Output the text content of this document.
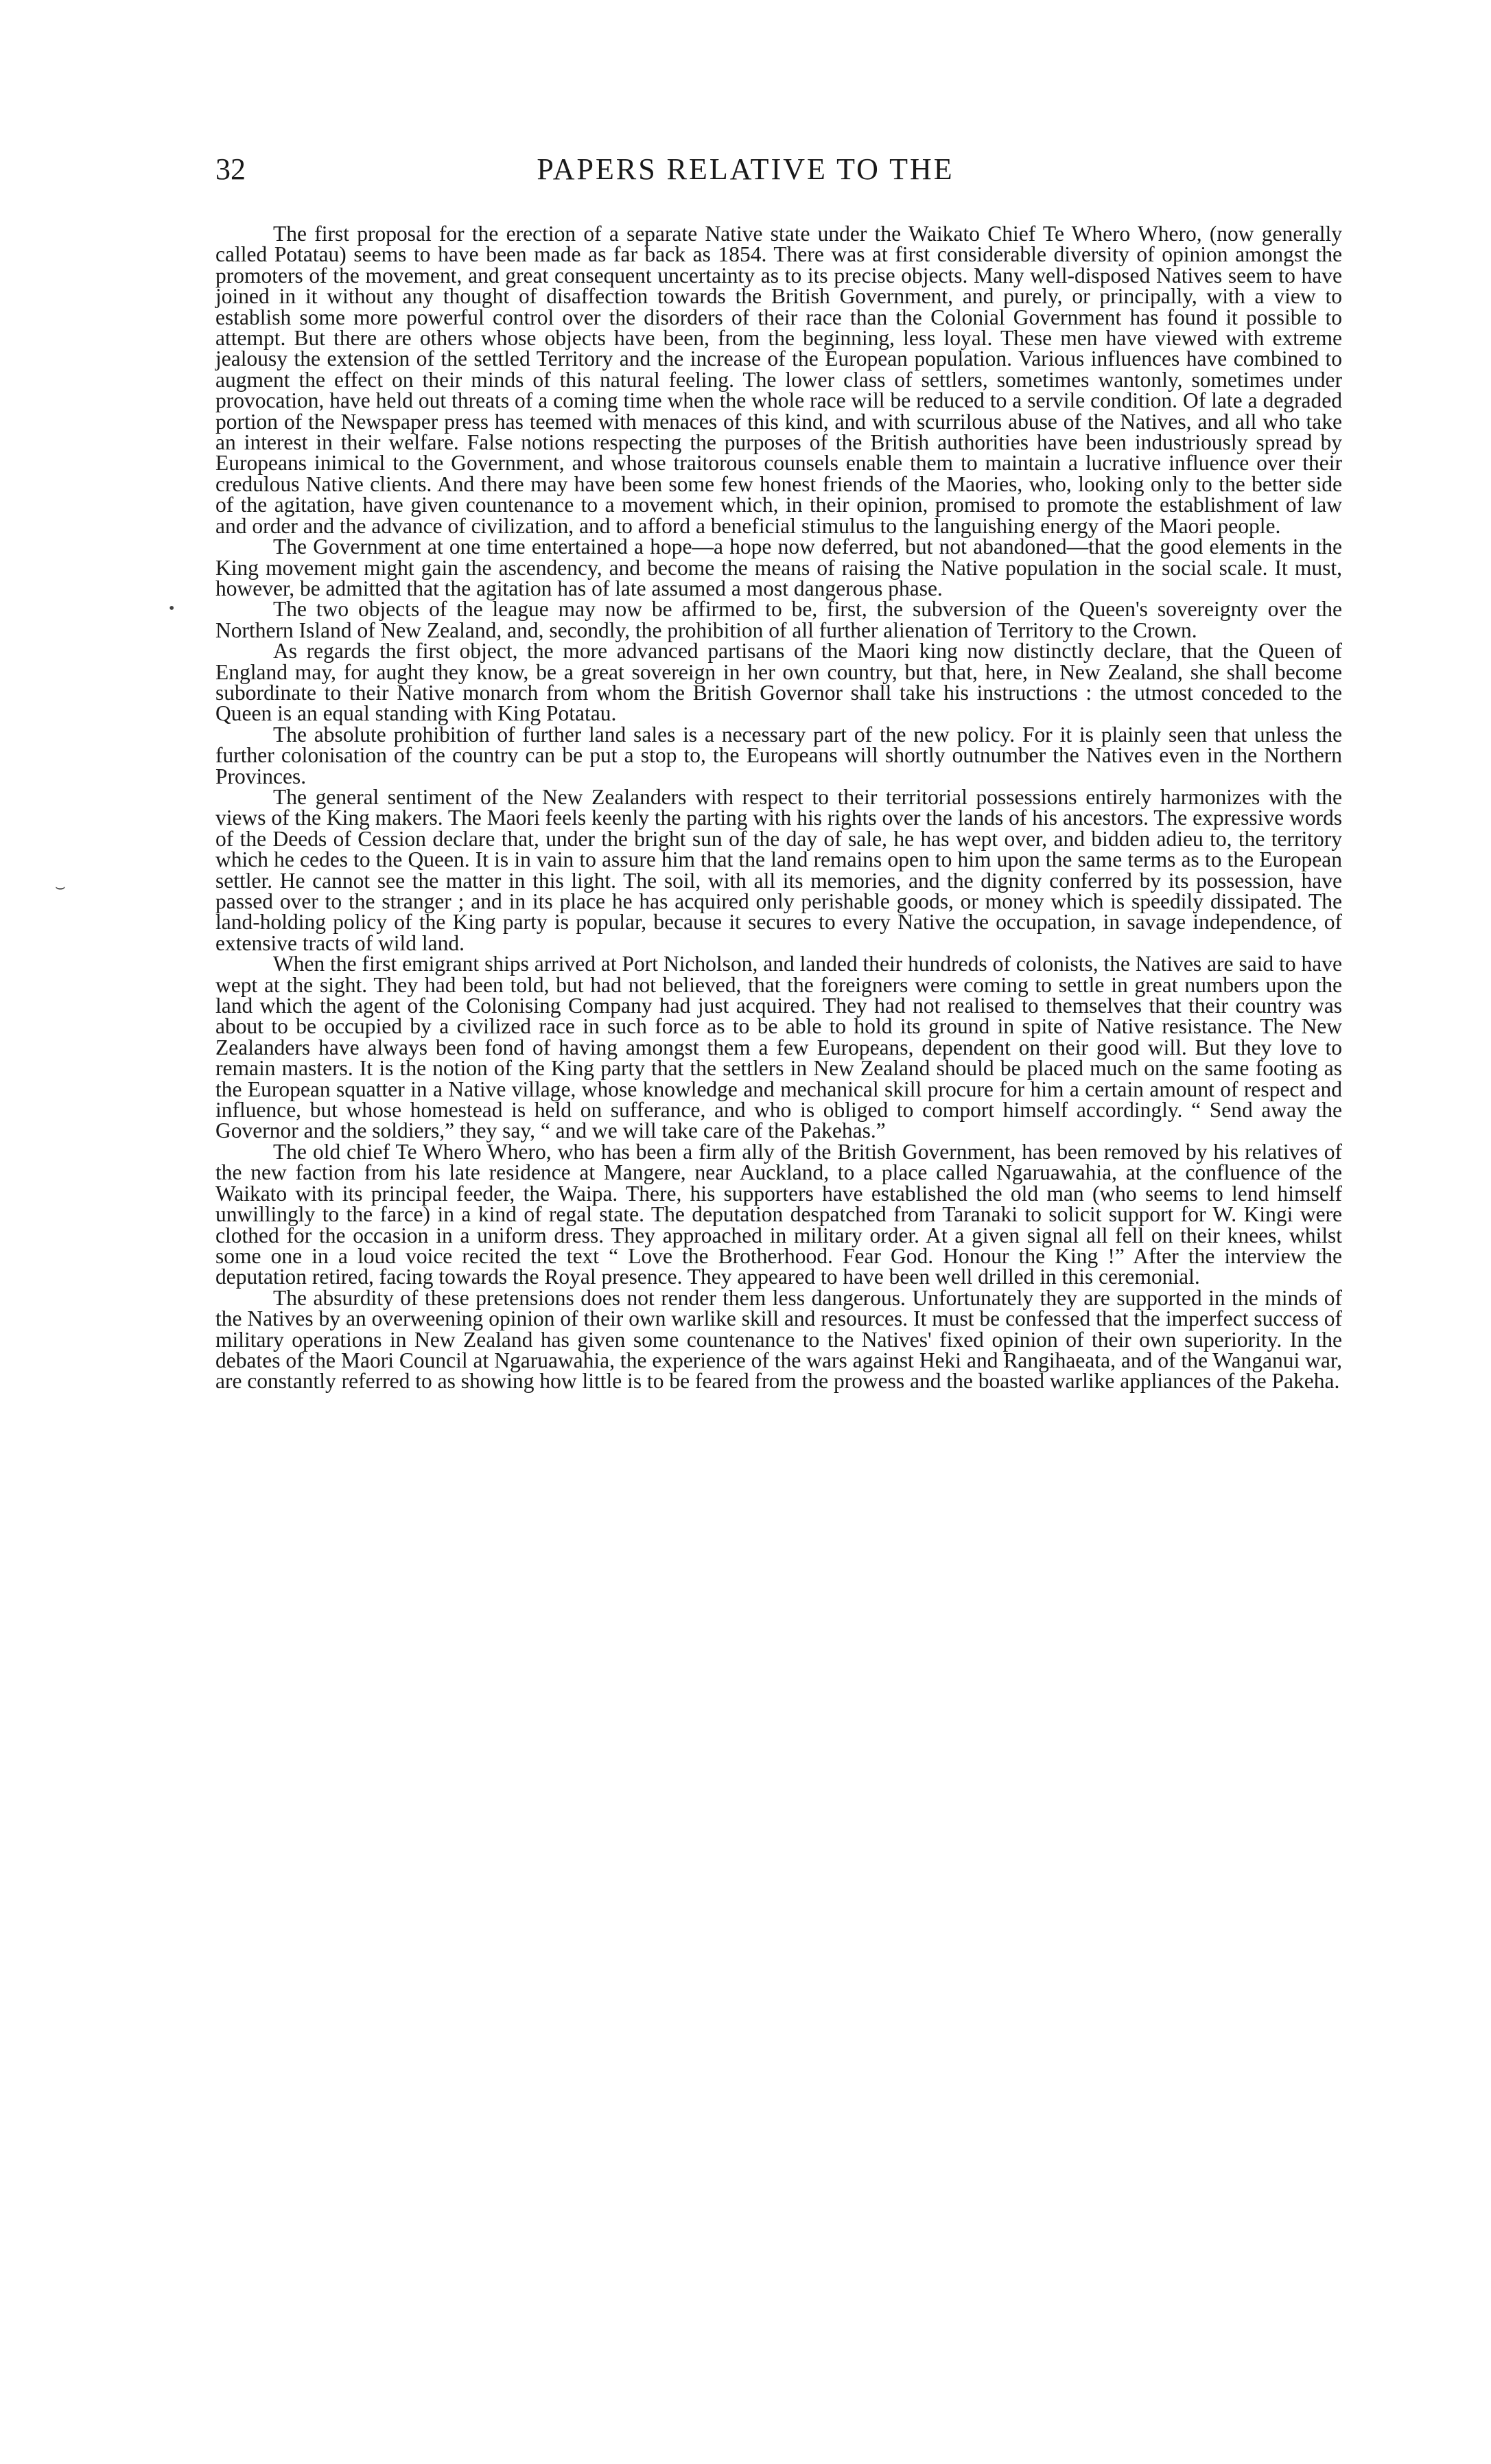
32	PAPERS RELATIVE TO THE
•
⌣

The first proposal for the erection of a separate Native state under the Waikato Chief Te Whero Whero, (now generally called Potatau) seems to have been made as far back as 1854. There was at first considerable diversity of opinion amongst the promoters of the movement, and great consequent uncertainty as to its precise objects. Many well-disposed Natives seem to have joined in it without any thought of disaffection towards the British Government, and purely, or principally, with a view to establish some more powerful control over the disorders of their race than the Colonial Government has found it possible to attempt. But there are others whose objects have been, from the beginning, less loyal. These men have viewed with extreme jealousy the extension of the settled Territory and the increase of the European population. Various influences have combined to augment the effect on their minds of this natural feeling. The lower class of settlers, sometimes wantonly, sometimes under provocation, have held out threats of a coming time when the whole race will be reduced to a servile condition. Of late a degraded portion of the Newspaper press has teemed with menaces of this kind, and with scurrilous abuse of the Natives, and all who take an interest in their welfare. False notions respecting the purposes of the British authorities have been industriously spread by Europeans inimical to the Government, and whose traitorous counsels enable them to maintain a lucrative influence over their credulous Native clients. And there may have been some few honest friends of the Maories, who, looking only to the better side of the agitation, have given countenance to a movement which, in their opinion, promised to promote the establishment of law and order and the advance of civilization, and to afford a beneficial stimulus to the languishing energy of the Maori people.

The Government at one time entertained a hope—a hope now deferred, but not abandoned—that the good elements in the King movement might gain the ascendency, and become the means of raising the Native population in the social scale. It must, however, be admitted that the agitation has of late assumed a most dangerous phase.

The two objects of the league may now be affirmed to be, first, the subversion of the Queen's sovereignty over the Northern Island of New Zealand, and, secondly, the prohibition of all further alienation of Territory to the Crown.

As regards the first object, the more advanced partisans of the Maori king now distinctly declare, that the Queen of England may, for aught they know, be a great sovereign in her own country, but that, here, in New Zealand, she shall become subordinate to their Native monarch from whom the British Governor shall take his instructions : the utmost conceded to the Queen is an equal standing with King Potatau.

The absolute prohibition of further land sales is a necessary part of the new policy. For it is plainly seen that unless the further colonisation of the country can be put a stop to, the Europeans will shortly outnumber the Natives even in the Northern Provinces.

The general sentiment of the New Zealanders with respect to their territorial possessions entirely harmonizes with the views of the King makers. The Maori feels keenly the parting with his rights over the lands of his ancestors. The expressive words of the Deeds of Cession declare that, under the bright sun of the day of sale, he has wept over, and bidden adieu to, the territory which he cedes to the Queen. It is in vain to assure him that the land remains open to him upon the same terms as to the European settler. He cannot see the matter in this light. The soil, with all its memories, and the dignity conferred by its possession, have passed over to the stranger ; and in its place he has acquired only perishable goods, or money which is speedily dissipated. The land-holding policy of the King party is popular, because it secures to every Native the occupation, in savage independence, of extensive tracts of wild land.

When the first emigrant ships arrived at Port Nicholson, and landed their hundreds of colonists, the Natives are said to have wept at the sight. They had been told, but had not believed, that the foreigners were coming to settle in great numbers upon the land which the agent of the Colonising Company had just acquired. They had not realised to themselves that their country was about to be occupied by a civilized race in such force as to be able to hold its ground in spite of Native resistance. The New Zealanders have always been fond of having amongst them a few Europeans, dependent on their good will. But they love to remain masters. It is the notion of the King party that the settlers in New Zealand should be placed much on the same footing as the European squatter in a Native village, whose knowledge and mechanical skill procure for him a certain amount of respect and influence, but whose homestead is held on sufferance, and who is obliged to comport himself accordingly. “ Send away the Governor and the soldiers,” they say, “ and we will take care of the Pakehas.”

The old chief Te Whero Whero, who has been a firm ally of the British Government, has been removed by his relatives of the new faction from his late residence at Mangere, near Auckland, to a place called Ngaruawahia, at the confluence of the Waikato with its principal feeder, the Waipa. There, his supporters have established the old man (who seems to lend himself unwillingly to the farce) in a kind of regal state. The deputation despatched from Taranaki to solicit support for W. Kingi were clothed for the occasion in a uniform dress. They approached in military order. At a given signal all fell on their knees, whilst some one in a loud voice recited the text “ Love the Brotherhood. Fear God. Honour the King !” After the interview the deputation retired, facing towards the Royal presence. They appeared to have been well drilled in this ceremonial.

The absurdity of these pretensions does not render them less dangerous. Unfortunately they are supported in the minds of the Natives by an overweening opinion of their own warlike skill and resources. It must be confessed that the imperfect success of military operations in New Zealand has given some countenance to the Natives' fixed opinion of their own superiority. In the debates of the Maori Council at Ngaruawahia, the experience of the wars against Heki and Rangihaeata, and of the Wanganui war, are constantly referred to as showing how little is to be feared from the prowess and the boasted warlike appliances of the Pakeha.
